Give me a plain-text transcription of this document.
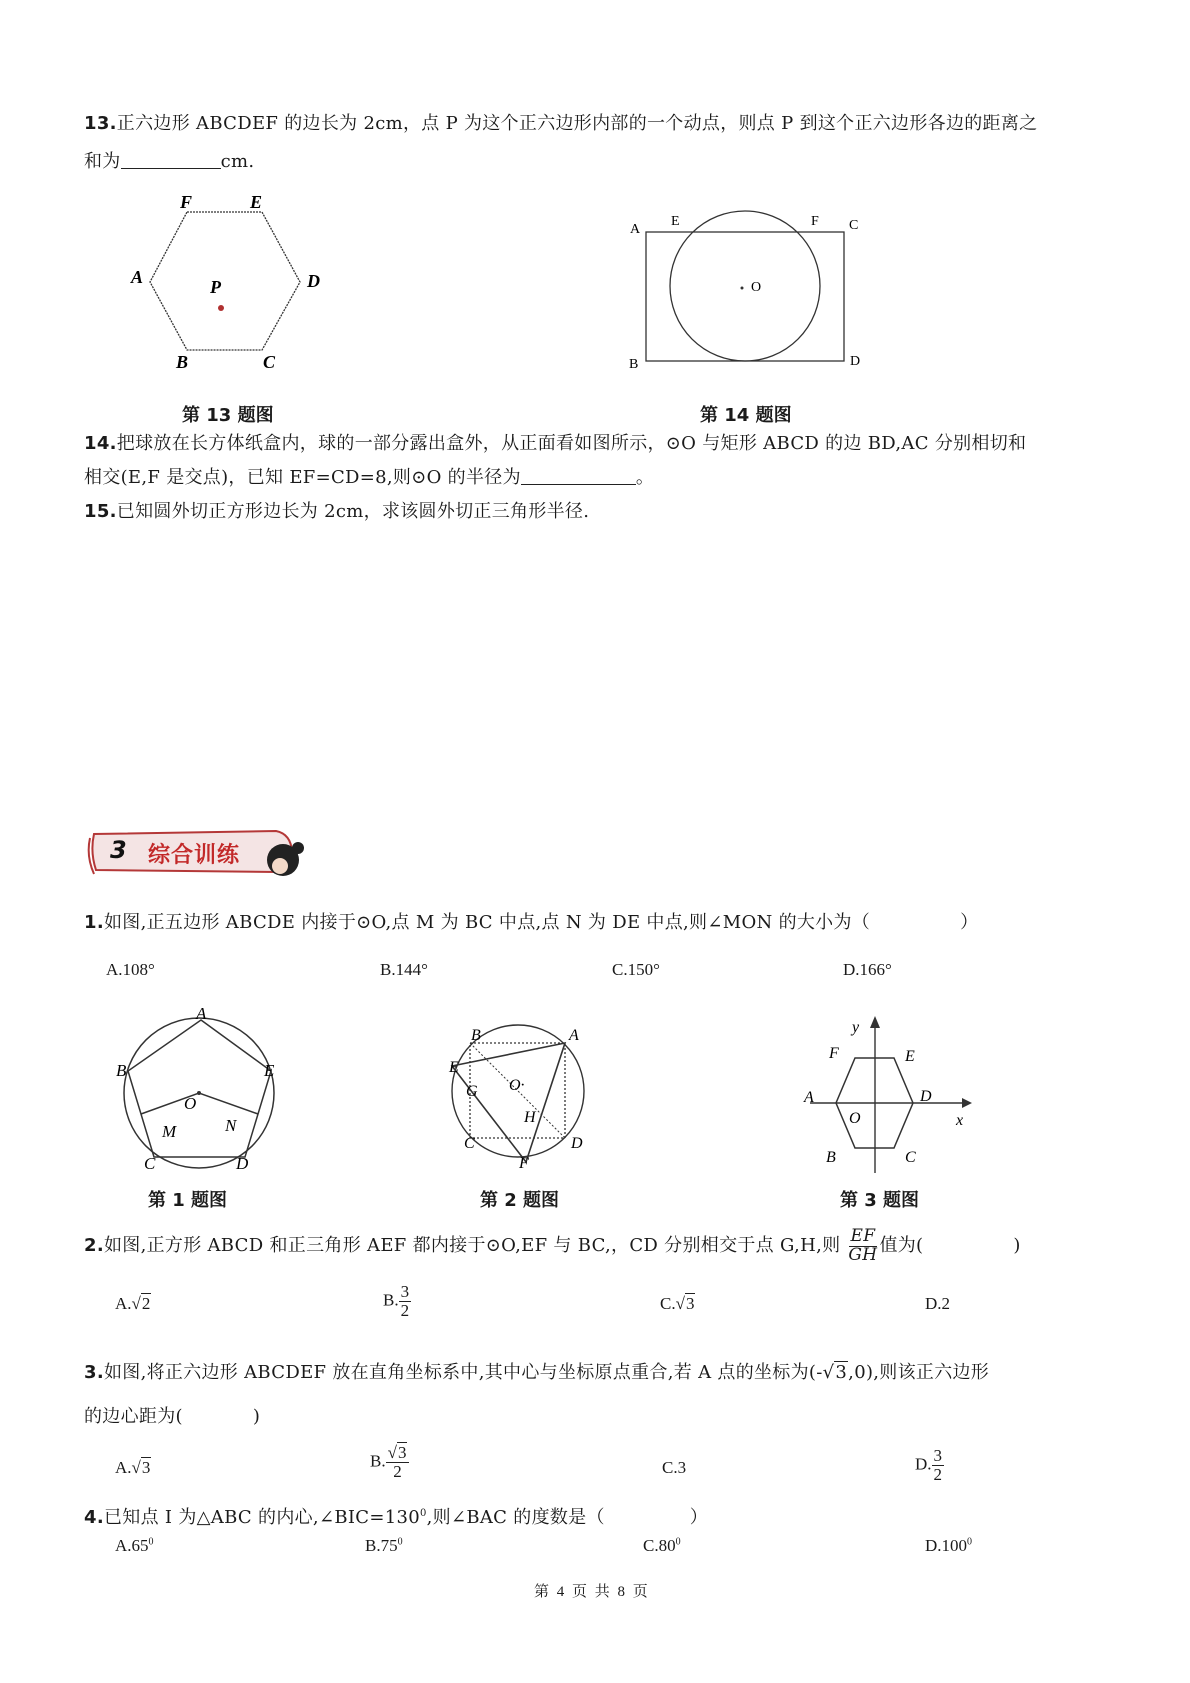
13.正六边形 ABCDEF 的边长为 2cm，点 P 为这个正六边形内部的一个动点，则点 P 到这个正六边形各边的距离之
和为	cm.
F	E
A	P	D
B	C
第 13 题图
A
E	F C
O
B	D
第 14 题图
14.把球放在长方体纸盒内，球的一部分露出盒外，从正面看如图所示，⊙O 与矩形 ABCD 的边 BD,AC 分别相切和
相交(E,F 是交点)，已知 EF=CD=8,则⊙O 的半径为	。
15.已知圆外切正方形边长为 2cm，求该圆外切正三角形半径.
3 综合训练
1.如图,正五边形 ABCDE 内接于⊙O,点 M 为 BC 中点,点 N 为 DE 中点,则∠MON 的大小为（	）
A.108°	B.144°	C.150°	D.166°
A
B	E
O
M	N
C	D
第 1 题图
B	A
E
O·
G
H
C	D
F
第 2 题图
y
F	E
A	D
O	x
B	C
第 3 题图
2.如图,正方形 ABCD 和正三角形 AEF 都内接于⊙O,EF 与 BC,，CD 分别相交于点 G,H,则 $\frac{EF}{GH}$ 值为(	)
A.√2	B. $\frac{3}{2}$	C.√3	D.2
3.如图,将正六边形 ABCDEF 放在直角坐标系中,其中心与坐标原点重合,若 A 点的坐标为(-√3,0),则该正六边形
的边心距为(	)
A.√3	B. $\frac{√3}{2}$	C.3	D. $\frac{3}{2}$
4.已知点 I 为△ABC 的内心$,\angle BIC=130^0$,则∠BAC 的度数是（	）
$A.65^0$	$B.75^0$	$C.80^0$	D.100$^0$
第 4 页 共 8 页
